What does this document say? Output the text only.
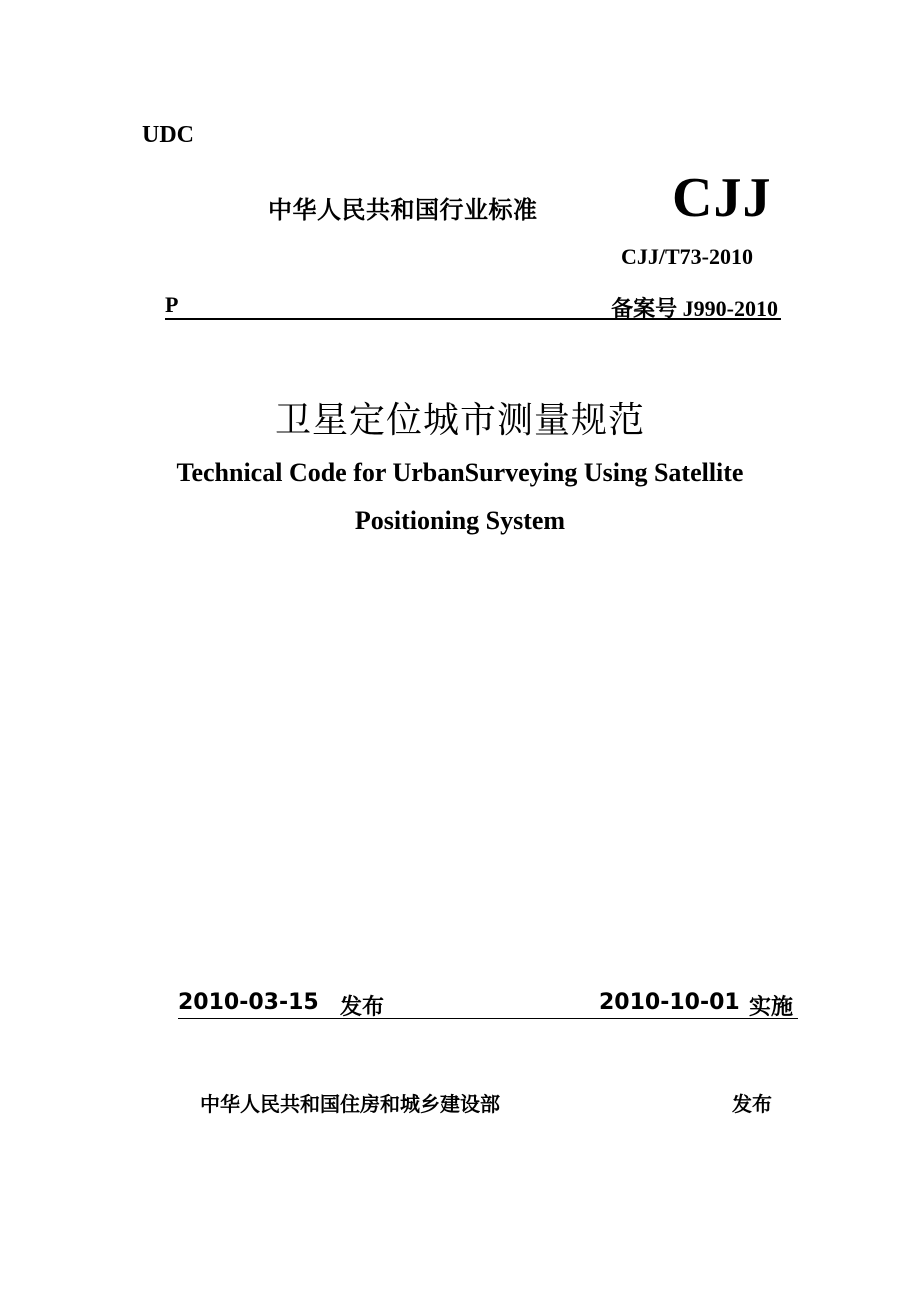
UDC
中华人民共和国行业标准 CJJ
CJJ/T73-2010
P	备案号 J990-2010
卫星定位城市测量规范
Technical Code for UrbanSurveying Using Satellite
Positioning System
2010-03-15 发布	2010-10-01 实施
中华人民共和国住房和城乡建设部	发布
